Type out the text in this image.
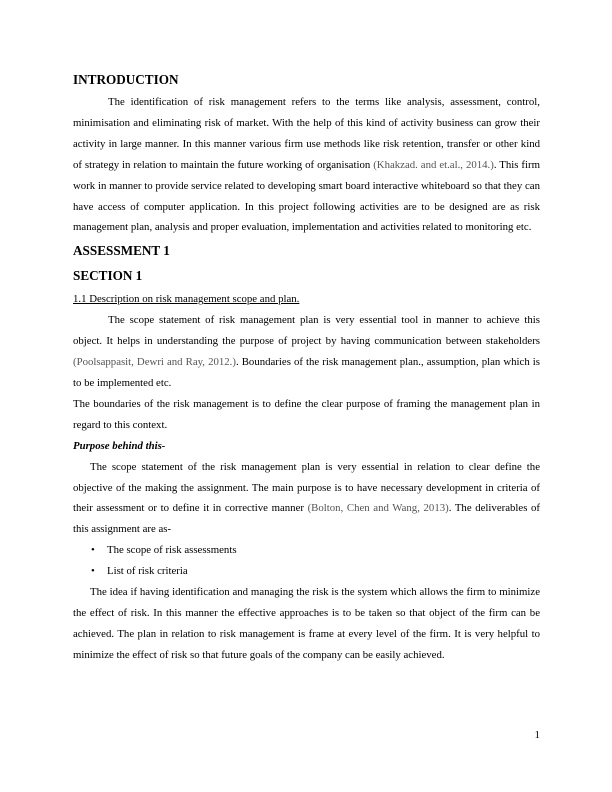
INTRODUCTION

The identification of risk management refers to the terms like analysis, assessment, control, minimisation and eliminating risk of market. With the help of this kind of activity business can grow their activity in large manner. In this manner various firm use methods like risk retention, transfer or other kind of strategy in relation to maintain the future working of organisation (Khakzad. and et.al., 2014.). This firm work in manner to provide service related to developing smart board interactive whiteboard so that they can have access of computer application. In this project following activities are to be designed are as risk management plan, analysis and proper evaluation, implementation and activities related to monitoring etc.

ASSESSMENT 1
SECTION 1

1.1 Description on risk management scope and plan.

The scope statement of risk management plan is very essential tool in manner to achieve this object. It helps in understanding the purpose of project by having communication between stakeholders (Poolsappasit, Dewri and Ray, 2012.). Boundaries of the risk management plan., assumption, plan which is to be implemented etc.

The boundaries of the risk management is to define the clear purpose of framing the management plan in regard to this context.

Purpose behind this-

The scope statement of the risk management plan is very essential in relation to clear define the objective of the making the assignment. The main purpose is to have necessary development in criteria of their assessment or to define it in corrective manner (Bolton, Chen and Wang, 2013). The deliverables of this assignment are as-

• The scope of risk assessments
• List of risk criteria

The idea if having identification and managing the risk is the system which allows the firm to minimize the effect of risk. In this manner the effective approaches is to be taken so that object of the firm can be achieved. The plan in relation to risk management is frame at every level of the firm. It is very helpful to minimize the effect of risk so that future goals of the company can be easily achieved.

1
